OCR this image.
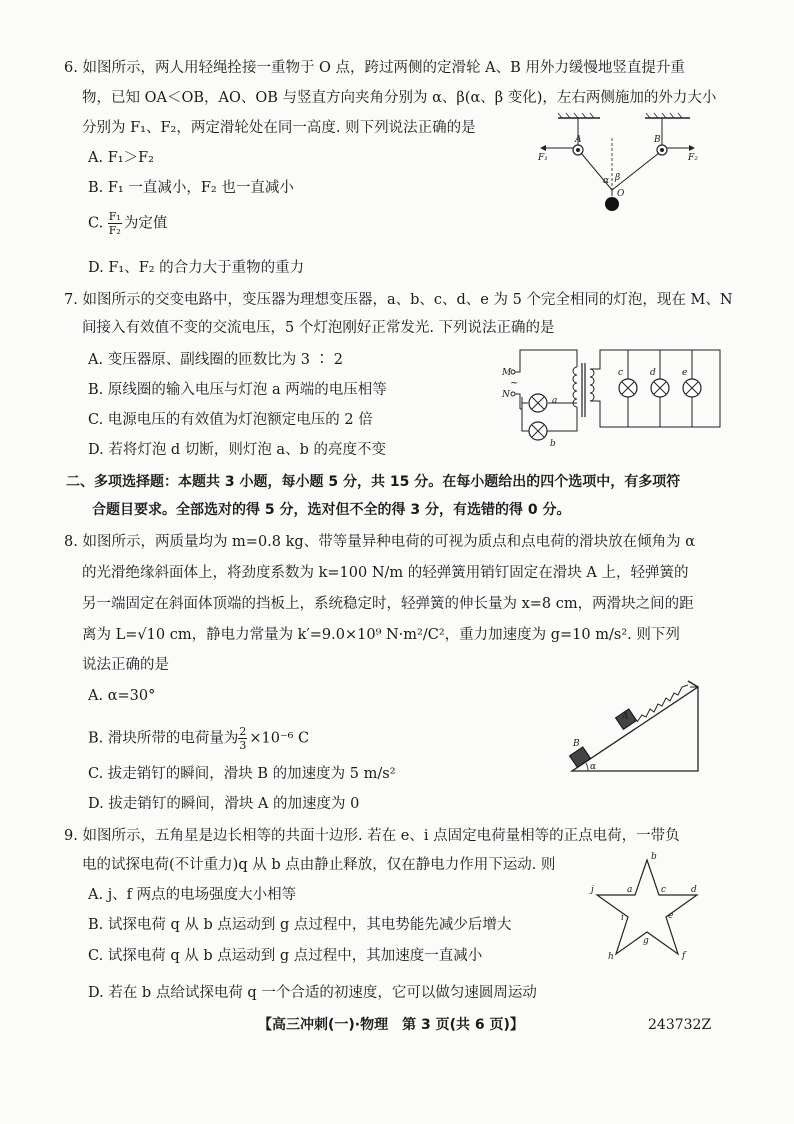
6. 如图所示，两人用轻绳拴接一重物于 O 点，跨过两侧的定滑轮 A、B 用外力缓慢地竖直提升重
物，已知 OA＜OB，AO、OB 与竖直方向夹角分别为 α、β(α、β 变化)，左右两侧施加的外力大小
分别为 F₁、F₂，两定滑轮处在同一高度. 则下列说法正确的是
A. F₁＞F₂
B. F₁ 一直减小，F₂ 也一直减小
C. $\frac{\text{F₁}}{\text{F₂}}$ 为定值
D. F₁、F₂ 的合力大于重物的重力
A	B
F₁	F₂
α β
O
7. 如图所示的交变电路中，变压器为理想变压器，a、b、c、d、e 为 5 个完全相同的灯泡，现在 M、N
间接入有效值不变的交流电压，5 个灯泡刚好正常发光. 下列说法正确的是
A. 变压器原、副线圈的匝数比为 3 ∶ 2
B. 原线圈的输入电压与灯泡 a 两端的电压相等
C. 电源电压的有效值为灯泡额定电压的 2 倍
D. 若将灯泡 d 切断，则灯泡 a、b 的亮度不变
M
N
~
a
b
c	d	e
二、多项选择题：本题共 3 小题，每小题 5 分，共 15 分。在每小题给出的四个选项中，有多项符
合题目要求。全部选对的得 5 分，选对但不全的得 3 分，有选错的得 0 分。
8. 如图所示，两质量均为 m=0.8 kg、带等量异种电荷的可视为质点和点电荷的滑块放在倾角为 α
的光滑绝缘斜面体上，将劲度系数为 k=100 N/m 的轻弹簧用销钉固定在滑块 A 上，轻弹簧的
另一端固定在斜面体顶端的挡板上，系统稳定时，轻弹簧的伸长量为 x=8 cm，两滑块之间的距
离为 L=√10 cm，静电力常量为 k′=9.0×10⁹ N·m²/C²，重力加速度为 g=10 m/s². 则下列
说法正确的是
A. α=30°
B. 滑块所带的电荷量为 $\frac{2}{3} \times 10^{-6}$ C
C. 拔走销钉的瞬间，滑块 B 的加速度为 5 m/s²
D. 拔走销钉的瞬间，滑块 A 的加速度为 0
A
B
α
9. 如图所示，五角星是边长相等的共面十边形. 若在 e、i 点固定电荷量相等的正点电荷，一带负
电的试探电荷(不计重力)q 从 b 点由静止释放，仅在静电力作用下运动. 则
A. j、f 两点的电场强度大小相等
B. 试探电荷 q 从 b 点运动到 g 点过程中，其电势能先减少后增大
C. 试探电荷 q 从 b 点运动到 g 点过程中，其加速度一直减小
D. 若在 b 点给试探电荷 q 一个合适的初速度，它可以做匀速圆周运动
b
a	c	d
j
e
i
g
f
h
【高三冲刺(一)·物理　第 3 页(共 6 页)】	243732Z
